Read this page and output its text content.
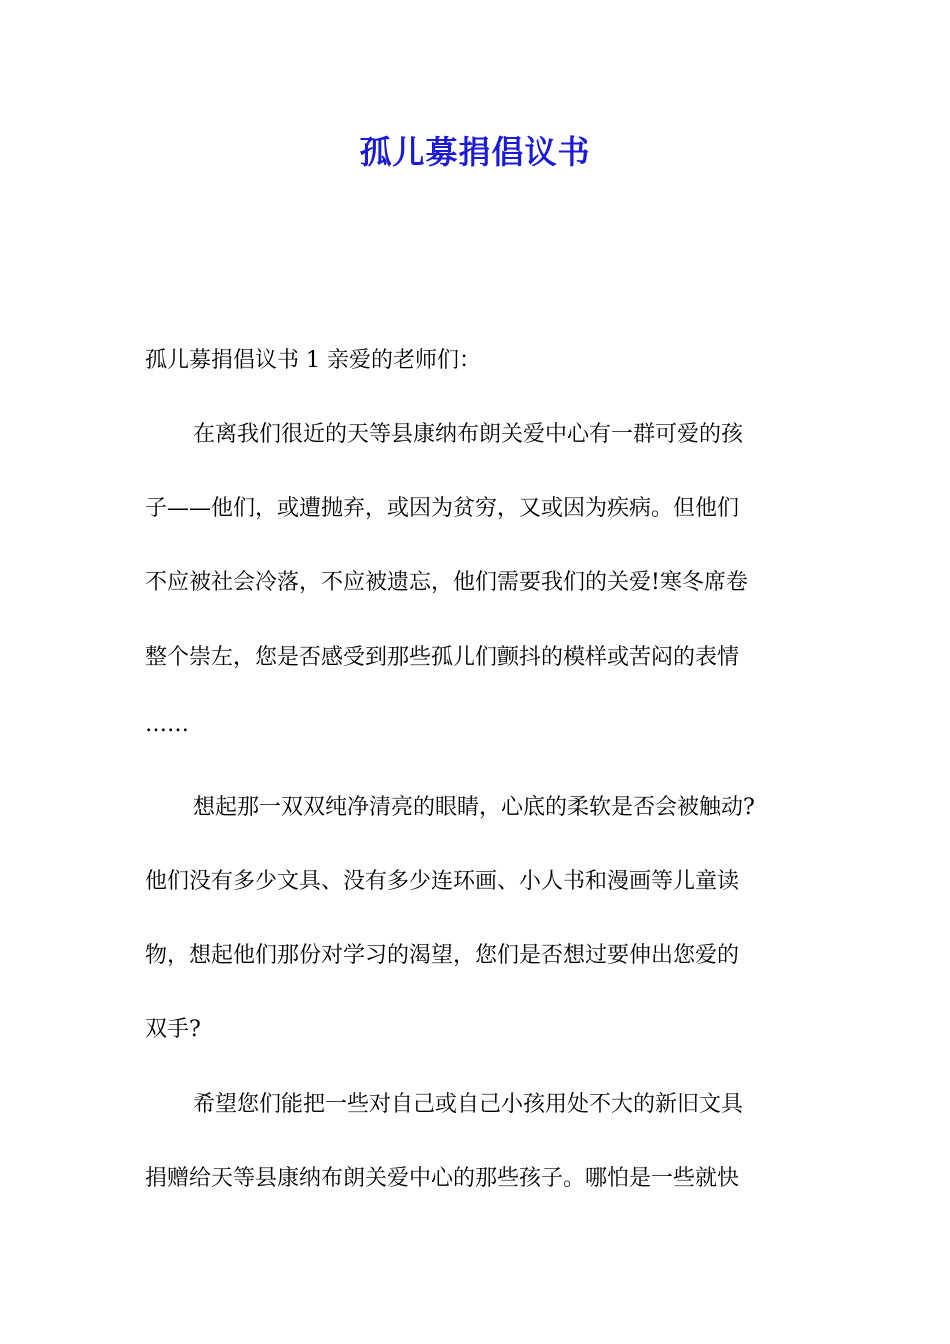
孤儿募捐倡议书
孤儿募捐倡议书 1 亲爱的老师们：
在离我们很近的天等县康纳布朗关爱中心有一群可爱的孩
子——他们，或遭抛弃，或因为贫穷，又或因为疾病。但他们
不应被社会冷落，不应被遗忘，他们需要我们的关爱!寒冬席卷
整个崇左，您是否感受到那些孤儿们颤抖的模样或苦闷的表情
……
想起那一双双纯净清亮的眼睛，心底的柔软是否会被触动?
他们没有多少文具、没有多少连环画、小人书和漫画等儿童读
物，想起他们那份对学习的渴望，您们是否想过要伸出您爱的
双手?
希望您们能把一些对自己或自己小孩用处不大的新旧文具
捐赠给天等县康纳布朗关爱中心的那些孩子。哪怕是一些就快
